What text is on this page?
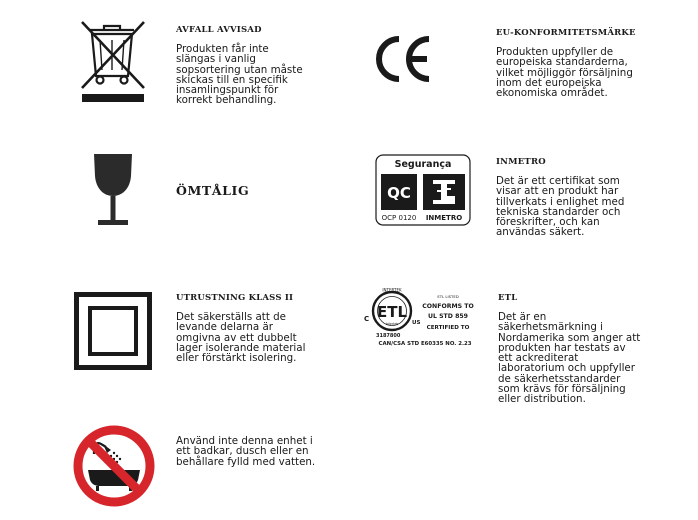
AVFALL AVVISAD

Produkten får inte slängas i vanlig sopsortering utan måste skickas till en specifik insamlingspunkt för korrekt behandling.

EU-KONFORMITETSMÄRKE

Produkten uppfyller de europeiska standarderna, vilket möjliggör försäljning inom det europeiska ekonomiska området.

ÖMTÅLIG

Segurança
QC
OCP 0120 INMETRO

INMETRO

Det är ett certifikat som visar att en produkt har tillverkats i enlighet med tekniska standarder och föreskrifter, och kan användas säkert.

UTRUSTNING KLASS II

Det säkerställs att de levande delarna är omgivna av ett dubbelt lager isolerande material eller förstärkt isolering.

INTERTEK
ETL
Intertek
C	US
ETL LISTED
CONFORMS TO
UL STD 859
CERTIFIED TO
3187800
CAN/CSA STD E60335 NO. 2.23

ETL

Det är en säkerhetsmärkning i Nordamerika som anger att produkten har testats av ett ackrediterat laboratorium och uppfyller de säkerhetsstandarder som krävs för försäljning eller distribution.

Använd inte denna enhet i ett badkar, dusch eller en behållare fylld med vatten.
